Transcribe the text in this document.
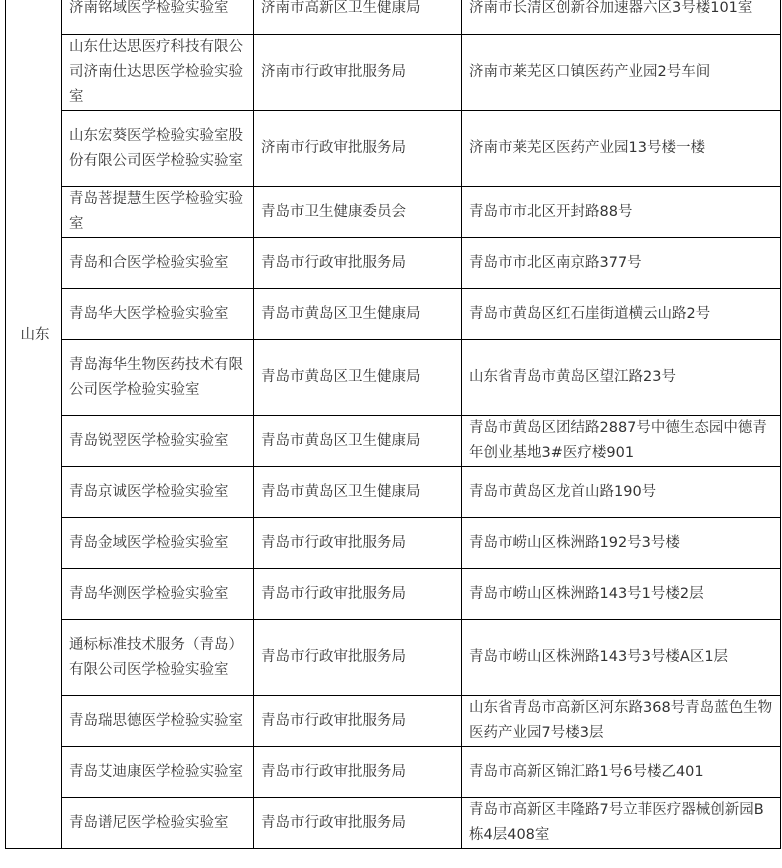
山东	济南铭域医学检验实验室	济南市高新区卫生健康局	济南市长清区创新谷加速器六区3号楼101室
	山东仕达思医疗科技有限公司济南仕达思医学检验实验室	济南市行政审批服务局	济南市莱芜区口镇医药产业园2号车间
	山东宏葵医学检验实验室股份有限公司医学检验实验室	济南市行政审批服务局	济南市莱芜区医药产业园13号楼一楼
	青岛菩提慧生医学检验实验室	青岛市卫生健康委员会	青岛市市北区开封路88号
	青岛和合医学检验实验室	青岛市行政审批服务局	青岛市市北区南京路377号
	青岛华大医学检验实验室	青岛市黄岛区卫生健康局	青岛市黄岛区红石崖街道横云山路2号
	青岛海华生物医药技术有限公司医学检验实验室	青岛市黄岛区卫生健康局	山东省青岛市黄岛区望江路23号
	青岛锐翌医学检验实验室	青岛市黄岛区卫生健康局	青岛市黄岛区团结路2887号中德生态园中德青年创业基地3#医疗楼901
	青岛京诚医学检验实验室	青岛市黄岛区卫生健康局	青岛市黄岛区龙首山路190号
	青岛金域医学检验实验室	青岛市行政审批服务局	青岛市崂山区株洲路192号3号楼
	青岛华测医学检验实验室	青岛市行政审批服务局	青岛市崂山区株洲路143号1号楼2层
	通标标准技术服务（青岛）有限公司医学检验实验室	青岛市行政审批服务局	青岛市崂山区株洲路143号3号楼A区1层
	青岛瑞思德医学检验实验室	青岛市行政审批服务局	山东省青岛市高新区河东路368号青岛蓝色生物医药产业园7号楼3层
	青岛艾迪康医学检验实验室	青岛市行政审批服务局	青岛市高新区锦汇路1号6号楼乙401
	青岛谱尼医学检验实验室	青岛市行政审批服务局	青岛市高新区丰隆路7号立菲医疗器械创新园B栋4层408室
